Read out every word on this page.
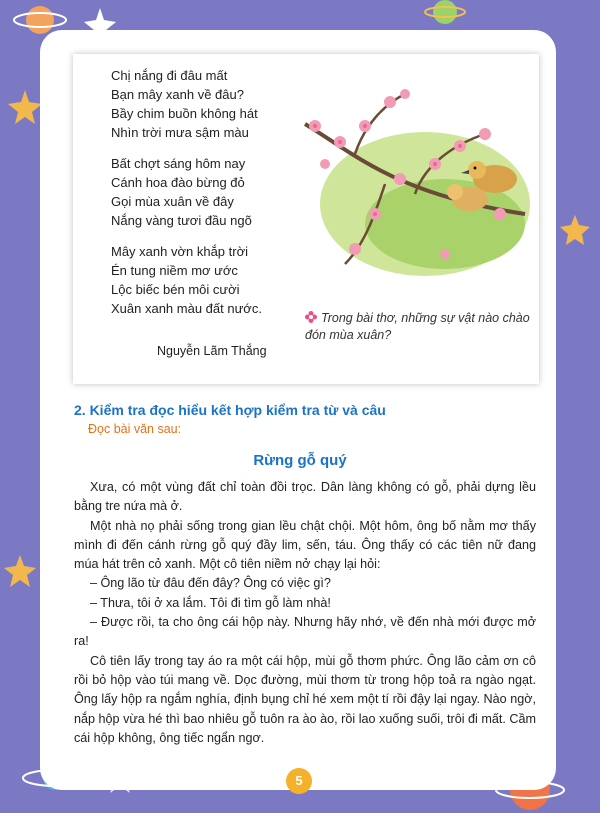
Chị nắng đi đâu mất
Bạn mây xanh về đâu?
Bầy chim buồn không hát
Nhìn trời mưa sậm màu
Bất chợt sáng hôm nay
Cánh hoa đào bừng đỏ
Gọi mùa xuân về đây
Nắng vàng tươi đầu ngõ
Mây xanh vờn khắp trời
Én tung niềm mơ ước
Lộc biếc bén môi cười
Xuân xanh màu đất nước.
Nguyễn Lãm Thắng
Trong bài thơ, những sự vật nào chào đón mùa xuân?
2. Kiểm tra đọc hiểu kết hợp kiểm tra từ và câu
Đọc bài văn sau:
Rừng gỗ quý

Xưa, có một vùng đất chỉ toàn đồi trọc. Dân làng không có gỗ, phải dựng lều bằng tre nứa mà ở.

Một nhà nọ phải sống trong gian lều chật chội. Một hôm, ông bố nằm mơ thấy mình đi đến cánh rừng gỗ quý đầy lim, sến, táu. Ông thấy có các tiên nữ đang múa hát trên cỏ xanh. Một cô tiên niềm nở chạy lại hỏi:

– Ông lão từ đâu đến đây? Ông có việc gì?

– Thưa, tôi ở xa lắm. Tôi đi tìm gỗ làm nhà!

– Được rồi, ta cho ông cái hộp này. Nhưng hãy nhớ, về đến nhà mới được mở ra!

Cô tiên lấy trong tay áo ra một cái hộp, mùi gỗ thơm phức. Ông lão cảm ơn cô rồi bỏ hộp vào túi mang về. Dọc đường, mùi thơm từ trong hộp toả ra ngào ngạt. Ông lấy hộp ra ngắm nghía, định bụng chỉ hé xem một tí rồi đậy lại ngay. Nào ngờ, nắp hộp vừa hé thì bao nhiêu gỗ tuôn ra ào ào, rồi lao xuống suối, trôi đi mất. Cầm cái hộp không, ông tiếc ngẩn ngơ.

5
